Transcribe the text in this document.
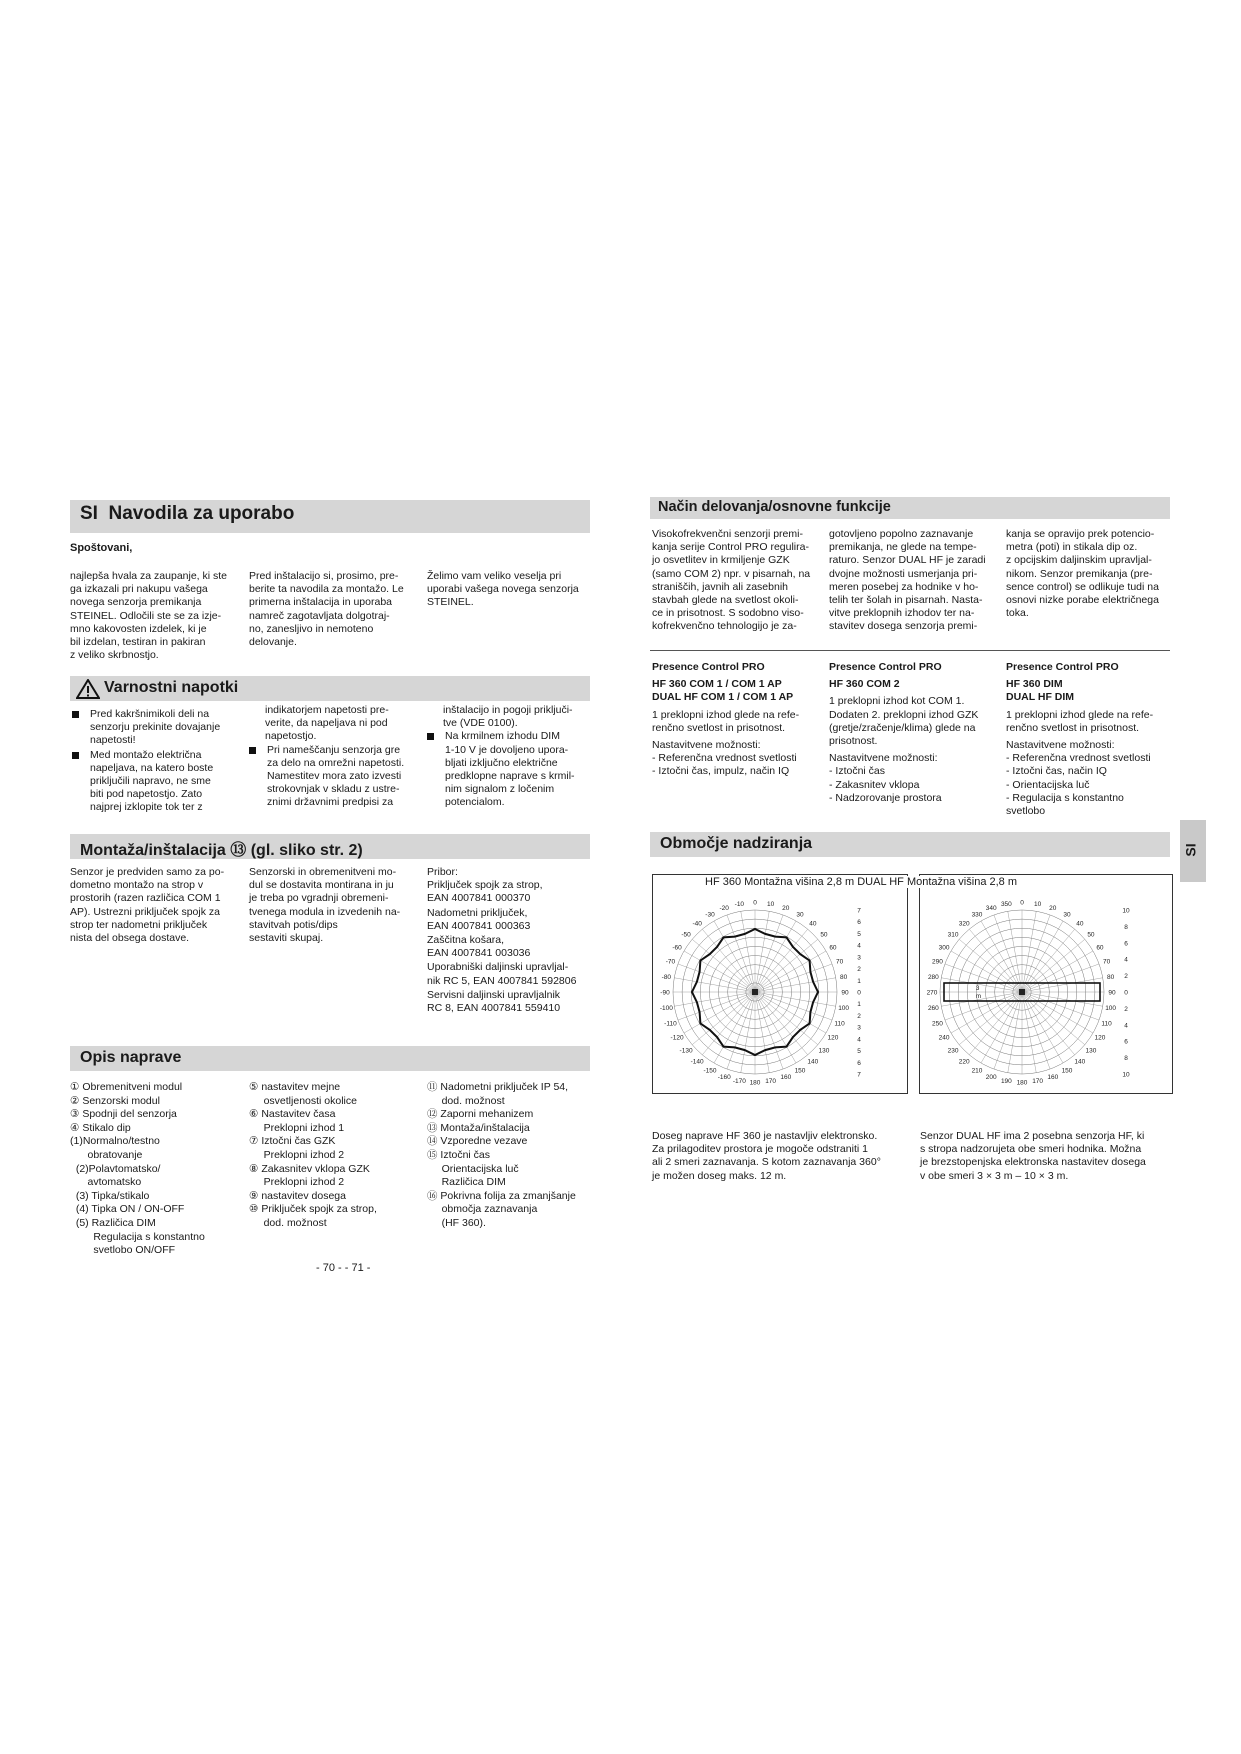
SI Navodila za uporabo
Spoštovani,
najlepša hvala za zaupanje, ki ste
ga izkazali pri nakupu vašega
novega senzorja premikanja
STEINEL. Odločili ste se za izje-
mno kakovosten izdelek, ki je
bil izdelan, testiran in pakiran
z veliko skrbnostjo.
Pred inštalacijo si, prosimo, pre-
berite ta navodila za montažo. Le
primerna inštalacija in uporaba
namreč zagotavljata dolgotraj-
no, zanesljivo in nemoteno
delovanje.
Želimo vam veliko veselja pri
uporabi vašega novega senzorja
STEINEL.
Varnostni napotki
Pred kakršnimikoli deli na
senzorju prekinite dovajanje
napetosti!
Med montažo električna
napeljava, na katero boste
priključili napravo, ne sme
biti pod napetostjo. Zato
najprej izklopite tok ter z
indikatorjem napetosti pre-
verite, da napeljava ni pod
napetostjo.
Pri nameščanju senzorja gre
za delo na omrežni napetosti.
Namestitev mora zato izvesti
strokovnjak v skladu z ustre-
znimi državnimi predpisi za
inštalacijo in pogoji priključi-
tve (VDE 0100).
Na krmilnem izhodu DIM
1-10 V je dovoljeno upora-
bljati izključno električne
predklopne naprave s krmil-
nim signalom z ločenim
potencialom.
Montaža/inštalacija ⑬ (gl. sliko str. 2)
Senzor je predviden samo za po-
dometno montažo na strop v
prostorih (razen različica COM 1
AP). Ustrezni priključek spojk za
strop ter nadometni priključek
nista del obsega dostave.
Senzorski in obremenitveni mo-
dul se dostavita montirana in ju
je treba po vgradnji obremeni-
tvenega modula in izvedenih na-
stavitvah potis/dips
sestaviti skupaj.
Pribor:
Priključek spojk za strop,
EAN 4007841 000370
Nadometni priključek,
EAN 4007841 000363
Zaščitna košara,
EAN 4007841 003036
Uporabniški daljinski upravljal-
nik RC 5, EAN 4007841 592806
Servisni daljinski upravljalnik
RC 8, EAN 4007841 559410
Opis naprave
① Obremenitveni modul
② Senzorski modul
③ Spodnji del senzorja
④ Stikalo dip
(1)Normalno/testno
obratovanje
(2)Polavtomatsko/
avtomatsko
(3) Tipka/stikalo
(4) Tipka ON / ON-OFF
(5) Različica DIM
Regulacija s konstantno
svetlobo ON/OFF
⑤ nastavitev mejne
osvetljenosti okolice
⑥ Nastavitev časa
Preklopni izhod 1
⑦ Iztočni čas GZK
Preklopni izhod 2
⑧ Zakasnitev vklopa GZK
Preklopni izhod 2
⑨ nastavitev dosega
⑩ Priključek spojk za strop,
dod. možnost
⑪ Nadometni priključek IP 54,
dod. možnost
⑫ Zaporni mehanizem
⑬ Montaža/inštalacija
⑭ Vzporedne vezave
⑮ Iztočni čas
Orientacijska luč
Različica DIM
⑯ Pokrivna folija za zmanjšanje
območja zaznavanja
(HF 360).
- 70 - - 71 -
Način delovanja/osnovne funkcije
Visokofrekvenčni senzorji premi-
kanja serije Control PRO regulira-
jo osvetlitev in krmiljenje GZK
(samo COM 2) npr. v pisarnah, na
straniščih, javnih ali zasebnih
stavbah glede na svetlost okoli-
ce in prisotnost. S sodobno viso-
kofrekvenčno tehnologijo je za-
gotovljeno popolno zaznavanje
premikanja, ne glede na tempe-
raturo. Senzor DUAL HF je zaradi
dvojne možnosti usmerjanja pri-
meren posebej za hodnike v ho-
telih ter šolah in pisarnah. Nasta-
vitve preklopnih izhodov ter na-
stavitev dosega senzorja premi-
kanja se opravijo prek potencio-
metra (poti) in stikala dip oz.
z opcijskim daljinskim upravljal-
nikom. Senzor premikanja (pre-
sence control) se odlikuje tudi na
osnovi nizke porabe električnega
toka.
Presence Control PRO
HF 360 COM 1 / COM 1 AP
DUAL HF COM 1 / COM 1 AP
1 preklopni izhod glede na refe-
renčno svetlost in prisotnost.
Nastavitvene možnosti:
- Referenčna vrednost svetlosti
- Iztočni čas, impulz, način IQ
Presence Control PRO
HF 360 COM 2
1 preklopni izhod kot COM 1.
Dodaten 2. preklopni izhod GZK
(gretje/zračenje/klima) glede na
prisotnost.
Nastavitvene možnosti:
- Iztočni čas
- Zakasnitev vklopa
- Nadzorovanje prostora
Presence Control PRO
HF 360 DIM
DUAL HF DIM
1 preklopni izhod glede na refe-
renčno svetlost in prisotnost.
Nastavitvene možnosti:
- Referenčna vrednost svetlosti
- Iztočni čas, način IQ
- Orientacijska luč
- Regulacija s konstantno
svetlobo
Območje nadziranja
HF 360 Montažna višina 2,8 m DUAL HF Montažna višina 2,8 m
0 10
20
30
40
50
60
70
80
90
100
110
120
130
140
150
160
170
180
-170
-160
-150
-140
-130
-120
-110
-100
-90
-80
-70
-60
-50
-40
-30
-20
-10
7
6
5
4
3
2
1
0
1
2
3
4
5
6
7
0 10
20
30
40
50
60
70
80
90
100
110
120
130
140
150
160
170
180
190
200
210
220
230
240
250
260
270
280
290
300
310
320
330
340
350
10
8
6
4
2
0
2
4
6
8
10
3
m
Doseg naprave HF 360 je nastavljiv elektronsko.
Za prilagoditev prostora je mogoče odstraniti 1
ali 2 smeri zaznavanja. S kotom zaznavanja 360°
je možen doseg maks. 12 m.
Senzor DUAL HF ima 2 posebna senzorja HF, ki
s stropa nadzorujeta obe smeri hodnika. Možna
je brezstopenjska elektronska nastavitev dosega
v obe smeri 3 × 3 m – 10 × 3 m.
SI
